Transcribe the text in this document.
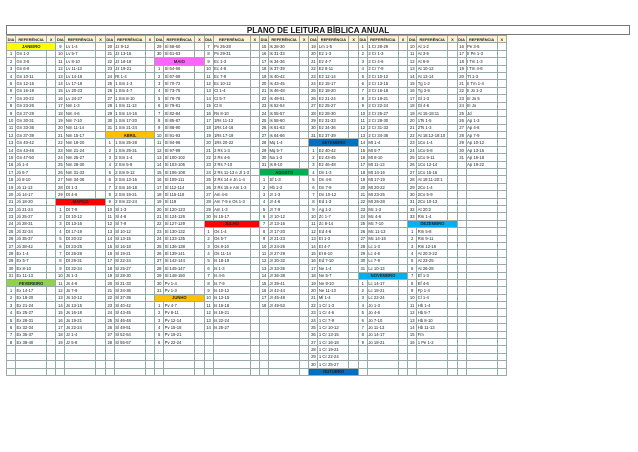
PLANO DE LEITURA BÍBLICA ANUAL
DIA	REFERÊNCIA	X	DIA	REFERÊNCIA	X	DIA	REFERÊNCIA	X	DIA	REFERÊNCIA	X	DIA	REFERÊNCIA	X	DIA	REFERÊNCIA	X	DIA	REFERÊNCIA	X	DIA	REFERÊNCIA	X	DIA	REFERÊNCIA	X	DIA	REFERÊNCIA	X
JANEIRO			9	Lv 1-4		20	Jz 9-12		29	Sl 58-60		7	Pv 25-28		15	Is 28-30		19	Lm 1-5		1	1 Cr 28-29		10	At 1-2		16	Pe 3-5	
1	Gn 1-2		10	Lv 5-7		21	Jz 13-15		30	Sl 61-63		8	Pv 29-31		16	Is 31-33		20	Ez 1-3		2	2 Cr 1-3		11	At 3-5		17	II Pe 1-3	
2	Gn 3-5		11	Lv 8-10		22	Jz 16-18		MAIO			9	Ec 1-3		17	Is 34-36		21	Ez 4-7		3	2 Cr 4-6		12	At 6-9		18	I Tm 1-3	
3	Gn 6-9		12	Lv 11-13		23	Jz 19-21		1	Sl 64-66		10	Ec 4-6		18	Is 37-39		22	Ez 8-11		4	2 Cr 7-9		13	At 10-12		19	I Tm 4-6	
4	Gn 10-11		13	Lv 14-16		24	Rt 1-4		2	Sl 67-69		11	Ec 7-9		19	Is 40-42		23	Ez 12-14		5	2 Cr 10-12		14	At 13-14		20	Tt 1-3	
5	Gn 12-15		14	Lv 17-19		25	1 Sm 1-3		3	Sl 70-72		12	Ec 10-12		20	Is 43-45		24	Ez 15-17		6	2 Cr 13-15		15	Tg 1-2		21	II Tm 1-4	
6	Gn 16-19		15	Lv 20-23		26	1 Sm 4-7		4	Sl 73-75		13	Ct 1-4		21	Is 46-48		25	Ez 18-20		7	2 Cr 16-18		16	Tg 3-5		22	II Jo 1-2	
7	Gn 20-22		16	Lv 24-27		27	1 Sm 8-10		5	Sl 76-78		14	Ct 5-7		22	Is 49-51		26	Ez 21-24		8	2 Cr 19-21		17	Gl 1-3		23	III Jo 5	
8	Gn 23-26		17	Nm 1-3		28	1 Sm 11-13		6	Sl 79-81		15	Ct 8		23	Is 52-54		27	Ez 25-27		9	2 Cr 22-24		18	Gl 4-6		24	III Jo	
9	Gn 27-29		18	Nm 4-6		29	1 Sm 14-16		7	Sl 82-84		16	Rs 8-10		24	Is 55-57		28	Ez 28-30		10	2 Cr 25-27		19	At 15-18:11		25	Jd	
10	Gn 30-31		19	Nm 7-10		30	1 Sm 17-20		8	Sl 85-87		17	1Rs 11-13		25	Is 58-60		29	Ez 31-33		11	2 Cr 28-30		20	1Ts 1-5		26	Ap 1-3	
11	Gn 33-36		20	Nm 11-14		31	1 Sm 21-24		9	Sl 88-90		18	1Rs 14-16		26	Is 61-63		30	Ez 34-36		12	2 Cr 31-33		21	2Ts 1-3		27	Ap 4-6	
12	Gn 37-39		21	Nm 15-17		ABRIL			10	Sl 91-93		19	1Rs 17-19		27	Is 64-66		31	Ez 37-39		13	2 Cr 34-36		22	At 18:12-19:10		28	Ap 7-9	
13	Gn 40-42		22	Nm 18-20		1	1 Sm 25-28		11	Sl 94-96		20	1Rs 20-22		28	Mq 1-4		SETEMBRO			14	Mt 1-4		23	1Co 1-4		29	Ap 10-12	
14	Gn 43-46		23	Nm 21-24		2	1 Sm 29-31		12	Sl 97-99		21	2 Rs 1-3		29	Mq 5-7		1	Ez 40-42		15	Mt 5-7		24	1Co 5-8		30	Ap 13-15	
15	Gn 47-50		24	Nm 25-27		3	2 Sm 1-4		13	Sl 100-102		22	2 Rs 4-6		30	Na 1-3		2	Ez 43-45		16	Mt 8-10		25	1Co 9-11		31	Ap 16-18	
16	Jó 1-4		25	Nm 28-30		4	2 Sm 5-8		14	Sl 103-105		23	2 Rs 7-10		31	Is 8-10		3	Ez 46-48		17	Mt 11-13		26	1Co 12-14			Ap 19-22	
17	Jó 5-7		26	Nm 31-33		5	2 Sm 9-12		15	Sl 106-108		24	2 Rs 11-13 e Jl 1-3		AGOSTO			4	Dn 1-3		18	Mt 14-16		27	1Co 15-16				
18	Jó 8-10		27	Nm 34-36		6	2 Sm 13-15		16	Sl 109-111		25	2 Rs 14 e Jn 1-4		1	Sf 1-3		5	Dn 4-6		19	Mt 17-19		28	At 19:11-20:1				
19	Jó 11-13		28	Dt 1-3		7	2 Sm 16-18		17	Sl 112-114		26	2 Rs 15 e Am 1-3		2	Hb 1-3		6	Dn 7-9		20	Mt 20-22		29	2Co 1-4				
20	Jó 14-17		29	Dt 4-6		8	2 Sm 19-21		18	Sl 115-118		27	Am 4-6		3	Jr 1-3		7	Dn 10-12		21	Mt 23-25		30	2Co 5-9				
21	Jó 18-20		MARÇO			9	2 Sm 22-24		19	Sl 119		28	Am 7-9 e Os 1-3		4	Jr 4-6		8	Ed 1-3		22	Mt 26-28		31	2Co 10-13				
22	Jó 21-24		1	Dt 7-9		10	Sl 1-3		20	Sl 120-123		29	Am 1-3		5	Jr 7-9		9	Ag 1-2		23	Mc 1-3		32	At 20:2				
23	Jó 25-27		2	Dt 10-12		11	Sl 4-6		21	Sl 124-126		30	Is 15-17		6	Jr 10-12		10	Zc 1-7		24	Mc 4-6		33	Rm 1-4				
24	Jó 28-31		3	Dt 13-16		12	Sl 7-9		22	Sl 127-129		JULHO			7	Jr 13-16		11	Zc 8-14		25	Mc 7-10		DEZEMBRO					
25	Jó 32-34		4	Dt 17-19		13	Sl 10-12		23	Sl 130-132		1	Os 1-4		8	Jr 17-20		12	Ed 4-6		26	Mc 11-13		1	Rm 5-8				
26	Jó 35-37		5	Dt 20-22		14	Sl 13-15		24	Sl 133-135		2	Os 5-7		9	Jr 21-23		13	Et 1-3		27	Mc 14-16		2	Rm 9-11				
27	Jó 38-42		6	Dt 23-25		15	Sl 16-18		25	Sl 136-138		3	Os 8-10		10	Jr 24-26		14	Et 4-7		28	Lc 1-3		3	Rm 12-16				
28	Ex 1-4		7	Dt 26-28		16	Sl 19-21		26	Sl 139-141		4	Os 11-14		11	Jr 27-29		15	Et 8-10		29	Lc 4-6		4	At 20:3-22				
29	Ex 5-7		8	Dt 29-31		17	Sl 22-24		27	Sl 142-144		5	Is 18-19		12	Jr 30-32		16	Ed 7-10		30	Lc 7-9		5	At 23-25				
30	Ex 8-10		9	Dt 32-34		18	Sl 25-27		28	Sl 145-147		6	Is 1-3		13	Jr 33-35		17	Ne 1-4		31	Lc 10-13		6	At 26-28				
31	Ex 11-13		10	Js 1-3		19	Sl 28-30		29	Sl 148-150		7	Is 4-6		14	Jr 36-38		18	Ne 5-7		NOVEMBRO			7	Ef 1-3				
FEVEREIRO			11	Js 4-6		20	Sl 31-33		30	Pv 1-4		8	Is 7-9		15	Jr 39-41		19	Ne 8-10		1	Lc 14-17		8	Ef 4-6				
1	Ex 14-17		12	Js 7-9		21	Sl 34-36		31	Pv 1-3		9	Is 10-12		16	Jr 42-44		20	Ne 11-13		2	Lc 18-21		9	Fp 1-4				
2	Ex 18-20		13	Js 10-12		22	Sl 37-39		JUNHO			10	Is 13-15		17	Jr 45-48		21	Ml 1-4		3	Lc 22-24		10	Cl 1-4				
3	Ex 21-24		14	Js 13-15		23	Sl 40-42		1	Pv 4-7		11	Is 16-18		18	Jr 49-52		22	1 Cr 1-3		4	Jo 1-3		11	Hb 1-4				
4	Ex 25-27		15	Js 16-18		24	Sl 43-45		2	Pv 8-11		12	Is 19-21					23	1 Cr 4-6		5	Jo 4-6		12	Hb 5-7				
5	Ex 28-31		16	Js 19-21		25	Sl 46-48		3	Pv 12-14		13	Is 22-24					24	1 Cr 7-9		6	Jo 7-10		13	Hb 8-10				
6	Ex 32-34		17	Js 22-24		26	Sl 49-51		4	Pv 15-18		14	Is 25-27					25	1 Cr 10-12		7	Jo 11-13		14	Hb 11-13				
7	Ex 35-37		18	Jz 1-4		27	Sl 52-54		5	Pv 19-21								26	1 Cr 13-15		8	Jo 14-17		15	Fm				
8	Ex 38-40		19	Jz 5-8		28	Sl 55-57		6	Pv 22-24								27	1 Cr 16-18		9	Jo 18-21		16	1 Pe 1-2				
																		28	1 Cr 19-21										
																		29	1 Cr 22-24										
																		30	1 Cr 25-27										
																		OUTUBRO											
